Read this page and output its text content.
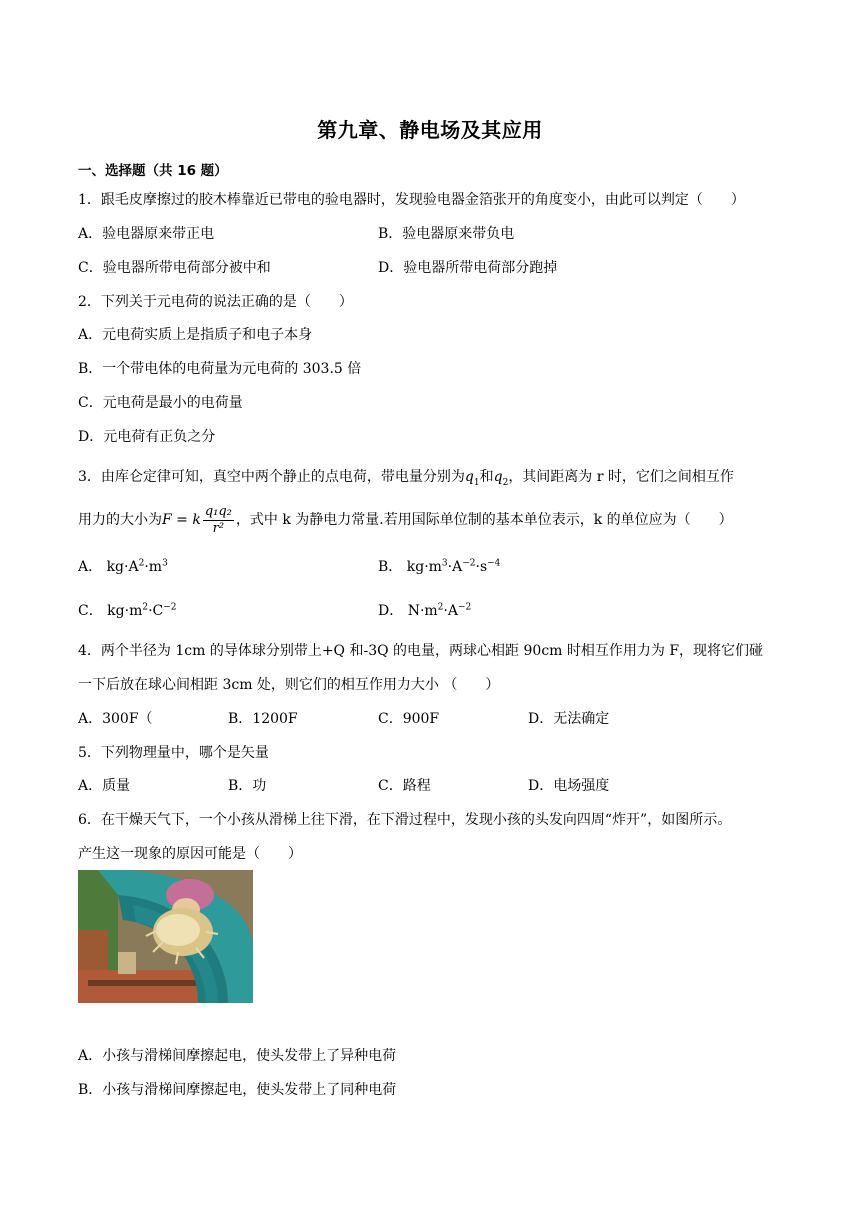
第九章、静电场及其应用
一、选择题（共 16 题）
1．跟毛皮摩擦过的胶木棒靠近已带电的验电器时，发现验电器金箔张开的角度变小，由此可以判定（　　）
A．验电器原来带正电	B．验电器原来带负电
C．验电器所带电荷部分被中和	D．验电器所带电荷部分跑掉
2．下列关于元电荷的说法正确的是（　　）
A．元电荷实质上是指质子和电子本身
B．一个带电体的电荷量为元电荷的 303.5 倍
C．元电荷是最小的电荷量
D．元电荷有正负之分
3．由库仑定律可知，真空中两个静止的点电荷，带电量分别为$q_1$和$q_2$，其间距离为 r 时，它们之间相互作
用力的大小为F = k $\frac{\text{q₁q₂}}{\text{r²}}$ ，式中 k 为静电力常量.若用国际单位制的基本单位表示，k 的单位应为（　　）
A． $kg\cdot A^2\cdot m^3$	B． $kg\cdot m^3\cdot A^{-2}\cdot s^{-4}$
C． $kg\cdot m^2\cdot C^{-2}$	D． $N\cdot m^2\cdot A^{-2}$
4．两个半径为 1cm 的导体球分别带上+Q 和-3Q 的电量，两球心相距 90cm 时相互作用力为 F，现将它们碰
一下后放在球心间相距 3cm 处，则它们的相互作用力大小 （　　）
A．300F（	B．1200F	C．900F	D．无法确定
5．下列物理量中，哪个是矢量
A．质量	B．功	C．路程	D．电场强度
6．在干燥天气下，一个小孩从滑梯上往下滑，在下滑过程中，发现小孩的头发向四周“炸开”，如图所示。
产生这一现象的原因可能是（　　）
A．小孩与滑梯间摩擦起电，使头发带上了异种电荷
B．小孩与滑梯间摩擦起电，使头发带上了同种电荷
